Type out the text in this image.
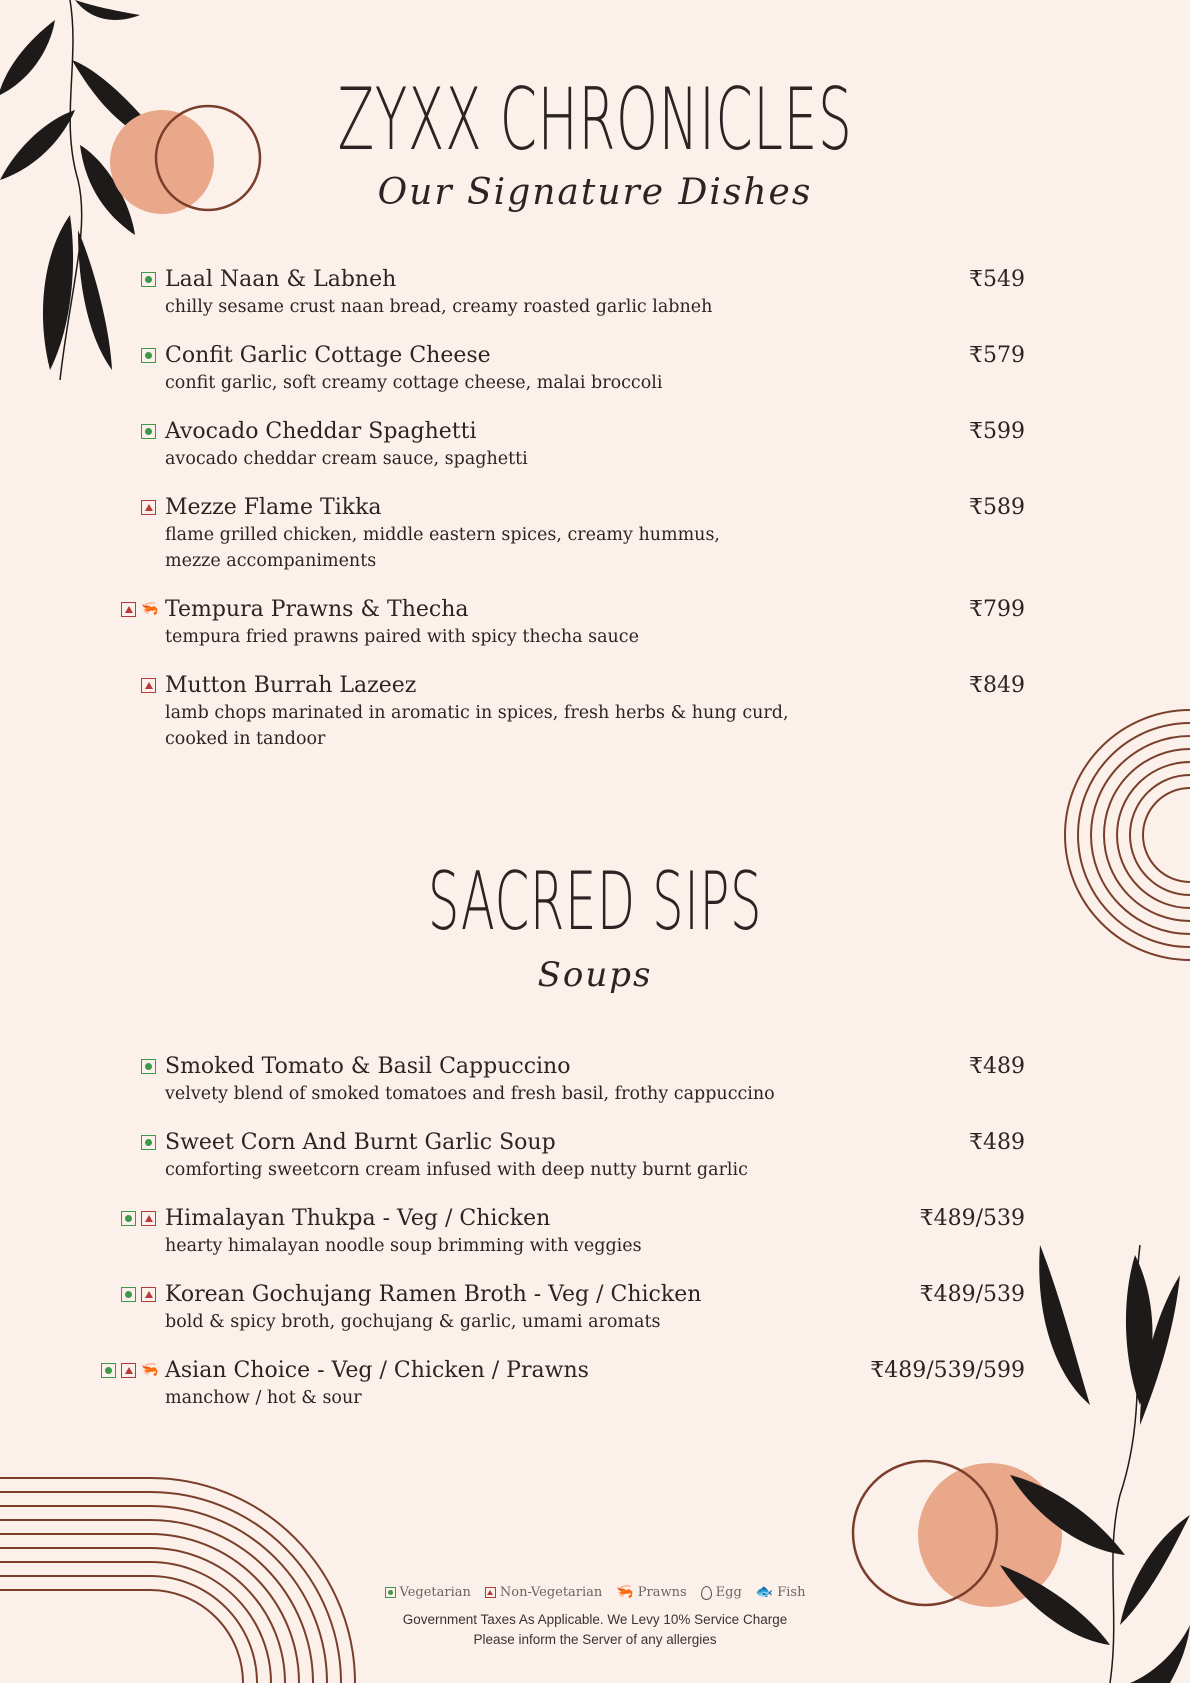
ZYXX CHRONICLES
Our Signature Dishes
Laal Naan & Labneh
chilly sesame crust naan bread, creamy roasted garlic labneh
₹549
Confit Garlic Cottage Cheese
confit garlic, soft creamy cottage cheese, malai broccoli
₹579
Avocado Cheddar Spaghetti
avocado cheddar cream sauce, spaghetti
₹599
Mezze Flame Tikka
flame grilled chicken, middle eastern spices, creamy hummus,
mezze accompaniments
₹589
🦐 Tempura Prawns & Thecha
tempura fried prawns paired with spicy thecha sauce
₹799
Mutton Burrah Lazeez
lamb chops marinated in aromatic in spices, fresh herbs & hung curd,
cooked in tandoor
₹849
SACRED SIPS
Soups
Smoked Tomato & Basil Cappuccino
velvety blend of smoked tomatoes and fresh basil, frothy cappuccino
₹489
Sweet Corn And Burnt Garlic Soup
comforting sweetcorn cream infused with deep nutty burnt garlic
₹489
Himalayan Thukpa - Veg / Chicken
hearty himalayan noodle soup brimming with veggies
₹489/539
Korean Gochujang Ramen Broth - Veg / Chicken
bold & spicy broth, gochujang & garlic, umami aromats
₹489/539
🦐 Asian Choice - Veg / Chicken / Prawns
manchow / hot & sour
₹489/539/599
Vegetarian Non-Vegetarian 🦐 Prawns Egg 🐟 Fish
Government Taxes As Applicable. We Levy 10% Service Charge
Please inform the Server of any allergies
